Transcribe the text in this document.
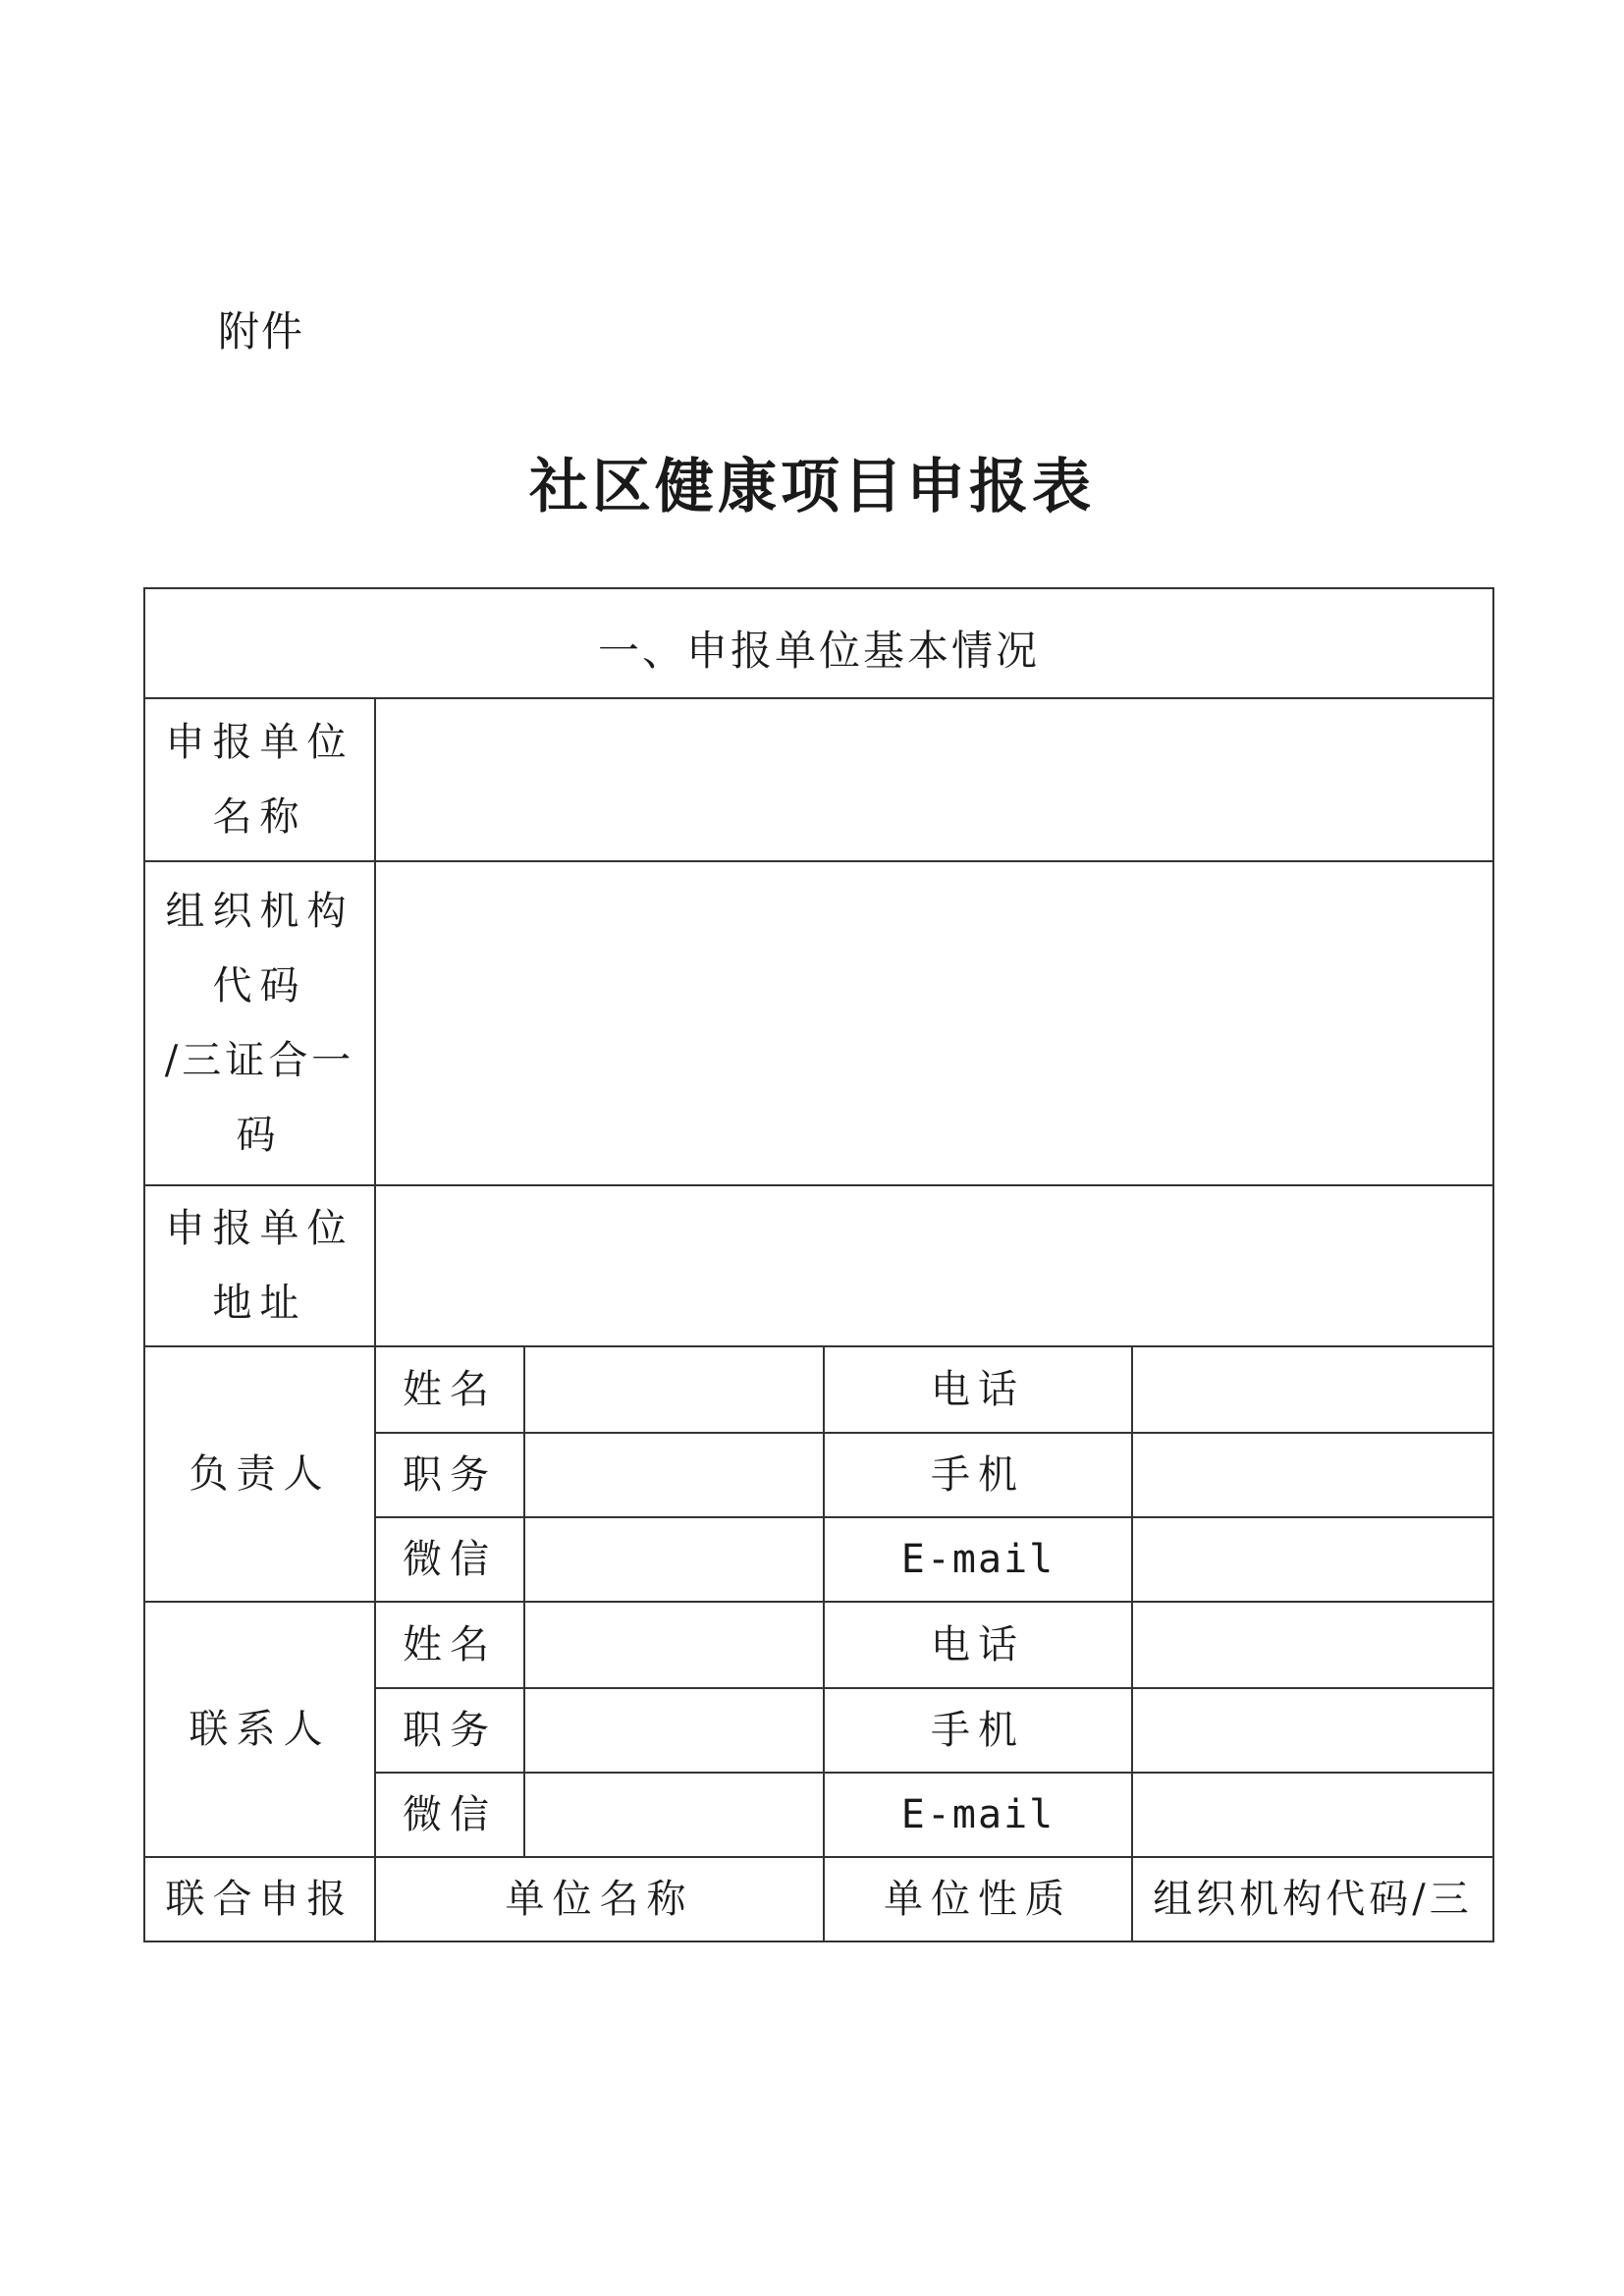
附件
社区健康项目申报表
一、申报单位基本情况
申报单位
名称
组织机构
代码
/三证合一
码
申报单位
地址
负责人
姓名	电话
职务	手机
微信	E-mail
联系人
姓名	电话
职务	手机
微信	E-mail
联合申报	单位名称	单位性质	组织机构代码/三
